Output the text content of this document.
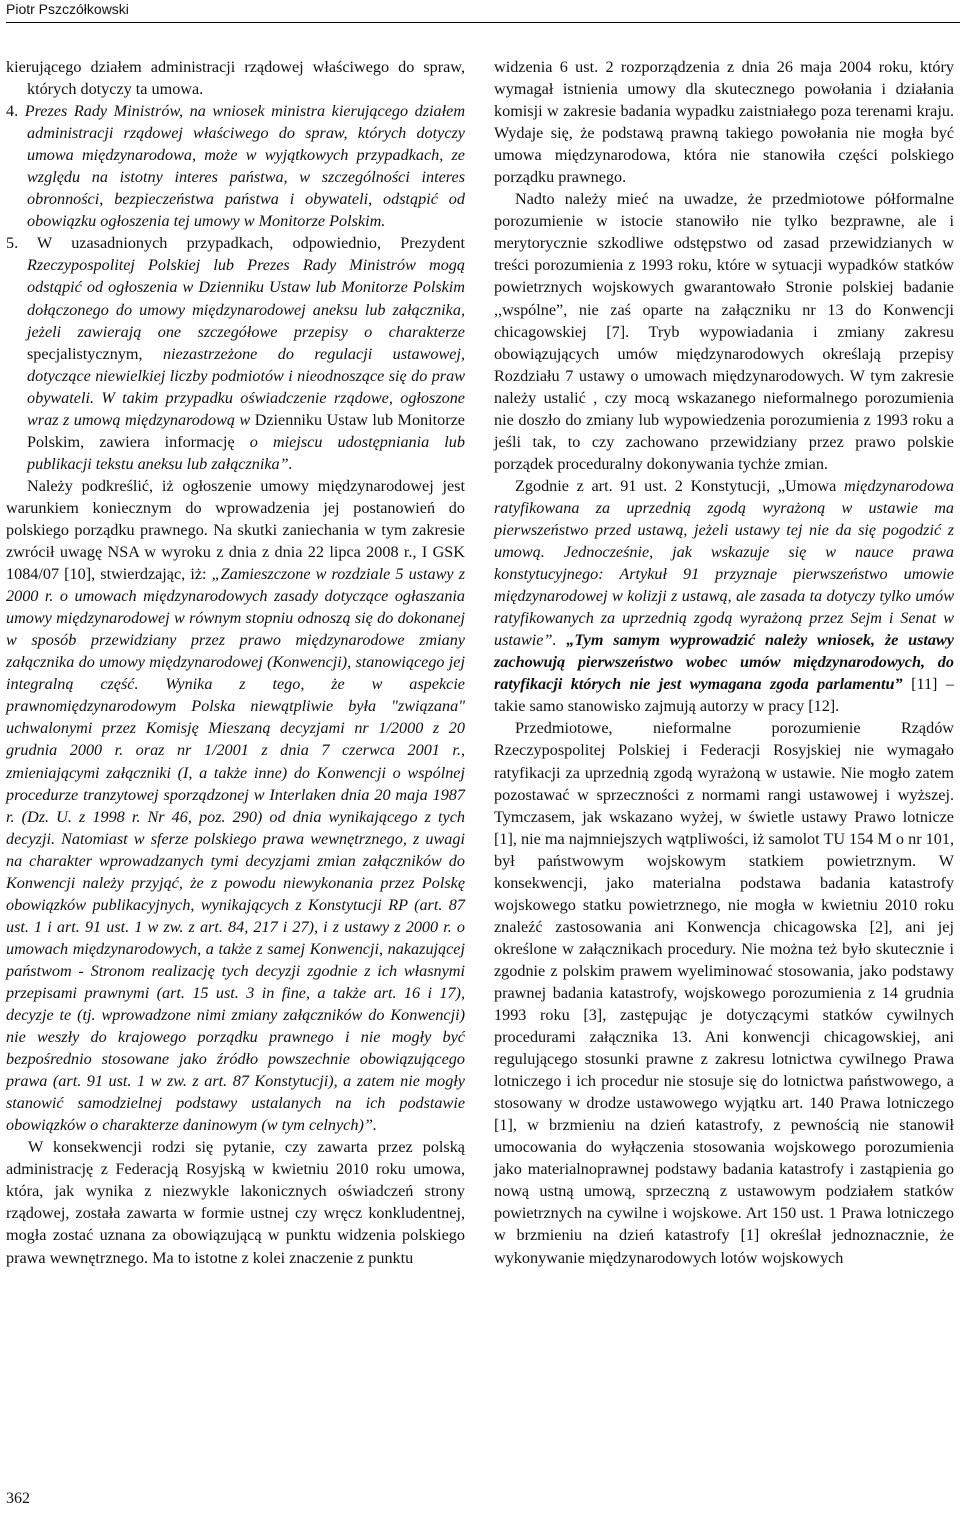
Piotr Pszczółkowski

kierującego działem administracji rządowej właściwego do spraw, których dotyczy ta umowa.

4. Prezes Rady Ministrów, na wniosek ministra kierującego działem administracji rządowej właściwego do spraw, których dotyczy umowa międzynarodowa, może w wyjątkowych przypadkach, ze względu na istotny interes państwa, w szczególności interes obronności, bezpieczeństwa państwa i obywateli, odstąpić od obowiązku ogłoszenia tej umowy w Monitorze Polskim.

5. W uzasadnionych przypadkach, odpowiednio, Prezydent Rzeczypospolitej Polskiej lub Prezes Rady Ministrów mogą odstąpić od ogłoszenia w Dzienniku Ustaw lub Monitorze Polskim dołączonego do umowy międzynarodowej aneksu lub załącznika, jeżeli zawierają one szczegółowe przepisy o charakterze specjalistycznym, niezastrzeżone do regulacji ustawowej, dotyczące niewielkiej liczby podmiotów i nieodnoszące się do praw obywateli. W takim przypadku oświadczenie rządowe, ogłoszone wraz z umową międzynarodową w Dzienniku Ustaw lub Monitorze Polskim, zawiera informację o miejscu udostępniania lub publikacji tekstu aneksu lub załącznika”.

Należy podkreślić, iż ogłoszenie umowy międzynarodowej jest warunkiem koniecznym do wprowadzenia jej postanowień do polskiego porządku prawnego. Na skutki zaniechania w tym zakresie zwrócił uwagę NSA w wyroku z dnia z dnia 22 lipca 2008 r., I GSK 1084/07 [10], stwierdzając, iż: „Zamieszczone w rozdziale 5 ustawy z 2000 r. o umowach międzynarodowych zasady dotyczące ogłaszania umowy międzynarodowej w równym stopniu odnoszą się do dokonanej w sposób przewidziany przez prawo międzynarodowe zmiany załącznika do umowy międzynarodowej (Konwencji), stanowiącego jej integralną część. Wynika z tego, że w aspekcie prawnomiędzynarodowym Polska niewątpliwie była "związana" uchwalonymi przez Komisję Mieszaną decyzjami nr 1/2000 z 20 grudnia 2000 r. oraz nr 1/2001 z dnia 7 czerwca 2001 r., zmieniającymi załączniki (I, a także inne) do Konwencji o wspólnej procedurze tranzytowej sporządzonej w Interlaken dnia 20 maja 1987 r. (Dz. U. z 1998 r. Nr 46, poz. 290) od dnia wynikającego z tych decyzji. Natomiast w sferze polskiego prawa wewnętrznego, z uwagi na charakter wprowadzanych tymi decyzjami zmian załączników do Konwencji należy przyjąć, że z powodu niewykonania przez Polskę obowiązków publikacyjnych, wynikających z Konstytucji RP (art. 87 ust. 1 i art. 91 ust. 1 w zw. z art. 84, 217 i 27), i z ustawy z 2000 r. o umowach międzynarodowych, a także z samej Konwencji, nakazującej państwom - Stronom realizację tych decyzji zgodnie z ich własnymi przepisami prawnymi (art. 15 ust. 3 in fine, a także art. 16 i 17), decyzje te (tj. wprowadzone nimi zmiany załączników do Konwencji) nie weszły do krajowego porządku prawnego i nie mogły być bezpośrednio stosowane jako źródło powszechnie obowiązującego prawa (art. 91 ust. 1 w zw. z art. 87 Konstytucji), a zatem nie mogły stanowić samodzielnej podstawy ustalanych na ich podstawie obowiązków o charakterze daninowym (w tym celnych)”.

W konsekwencji rodzi się pytanie, czy zawarta przez polską administrację z Federacją Rosyjską w kwietniu 2010 roku umowa, która, jak wynika z niezwykle lakonicznych oświadczeń strony rządowej, została zawarta w formie ustnej czy wręcz konkludentnej, mogła zostać uznana za obowiązującą w punktu widzenia polskiego prawa wewnętrznego. Ma to istotne z kolei znaczenie z punktu

widzenia 6 ust. 2 rozporządzenia z dnia 26 maja 2004 roku, który wymagał istnienia umowy dla skutecznego powołania i działania komisji w zakresie badania wypadku zaistniałego poza terenami kraju. Wydaje się, że podstawą prawną takiego powołania nie mogła być umowa międzynarodowa, która nie stanowiła części polskiego porządku prawnego.

Nadto należy mieć na uwadze, że przedmiotowe półformalne porozumienie w istocie stanowiło nie tylko bezprawne, ale i merytorycznie szkodliwe odstępstwo od zasad przewidzianych w treści porozumienia z 1993 roku, które w sytuacji wypadków statków powietrznych wojskowych gwarantowało Stronie polskiej badanie ,,wspólne”, nie zaś oparte na załączniku nr 13 do Konwencji chicagowskiej [7]. Tryb wypowiadania i zmiany zakresu obowiązujących umów międzynarodowych określają przepisy Rozdziału 7 ustawy o umowach międzynarodowych. W tym zakresie należy ustalić , czy mocą wskazanego nieformalnego porozumienia nie doszło do zmiany lub wypowiedzenia porozumienia z 1993 roku a jeśli tak, to czy zachowano przewidziany przez prawo polskie porządek proceduralny dokonywania tychże zmian.

Zgodnie z art. 91 ust. 2 Konstytucji, „Umowa międzynarodowa ratyfikowana za uprzednią zgodą wyrażoną w ustawie ma pierwszeństwo przed ustawą, jeżeli ustawy tej nie da się pogodzić z umową. Jednocześnie, jak wskazuje się w nauce prawa konstytucyjnego: Artykuł 91 przyznaje pierwszeństwo umowie międzynarodowej w kolizji z ustawą, ale zasada ta dotyczy tylko umów ratyfikowanych za uprzednią zgodą wyrażoną przez Sejm i Senat w ustawie”. „Tym samym wyprowadzić należy wniosek, że ustawy zachowują pierwszeństwo wobec umów międzynarodowych, do ratyfikacji których nie jest wymagana zgoda parlamentu” [11] – takie samo stanowisko zajmują autorzy w pracy [12].

Przedmiotowe, nieformalne porozumienie Rządów Rzeczypospolitej Polskiej i Federacji Rosyjskiej nie wymagało ratyfikacji za uprzednią zgodą wyrażoną w ustawie. Nie mogło zatem pozostawać w sprzeczności z normami rangi ustawowej i wyższej. Tymczasem, jak wskazano wyżej, w świetle ustawy Prawo lotnicze [1], nie ma najmniejszych wątpliwości, iż samolot TU 154 M o nr 101, był państwowym wojskowym statkiem powietrznym. W konsekwencji, jako materialna podstawa badania katastrofy wojskowego statku powietrznego, nie mogła w kwietniu 2010 roku znaleźć zastosowania ani Konwencja chicagowska [2], ani jej określone w załącznikach procedury. Nie można też było skutecznie i zgodnie z polskim prawem wyeliminować stosowania, jako podstawy prawnej badania katastrofy, wojskowego porozumienia z 14 grudnia 1993 roku [3], zastępując je dotyczącymi statków cywilnych procedurami załącznika 13. Ani konwencji chicagowskiej, ani regulującego stosunki prawne z zakresu lotnictwa cywilnego Prawa lotniczego i ich procedur nie stosuje się do lotnictwa państwowego, a stosowany w drodze ustawowego wyjątku art. 140 Prawa lotniczego [1], w brzmieniu na dzień katastrofy, z pewnością nie stanowił umocowania do wyłączenia stosowania wojskowego porozumienia jako materialnoprawnej podstawy badania katastrofy i zastąpienia go nową ustną umową, sprzeczną z ustawowym podziałem statków powietrznych na cywilne i wojskowe. Art 150 ust. 1 Prawa lotniczego w brzmieniu na dzień katastrofy [1] określał jednoznacznie, że wykonywanie międzynarodowych lotów wojskowych

362
